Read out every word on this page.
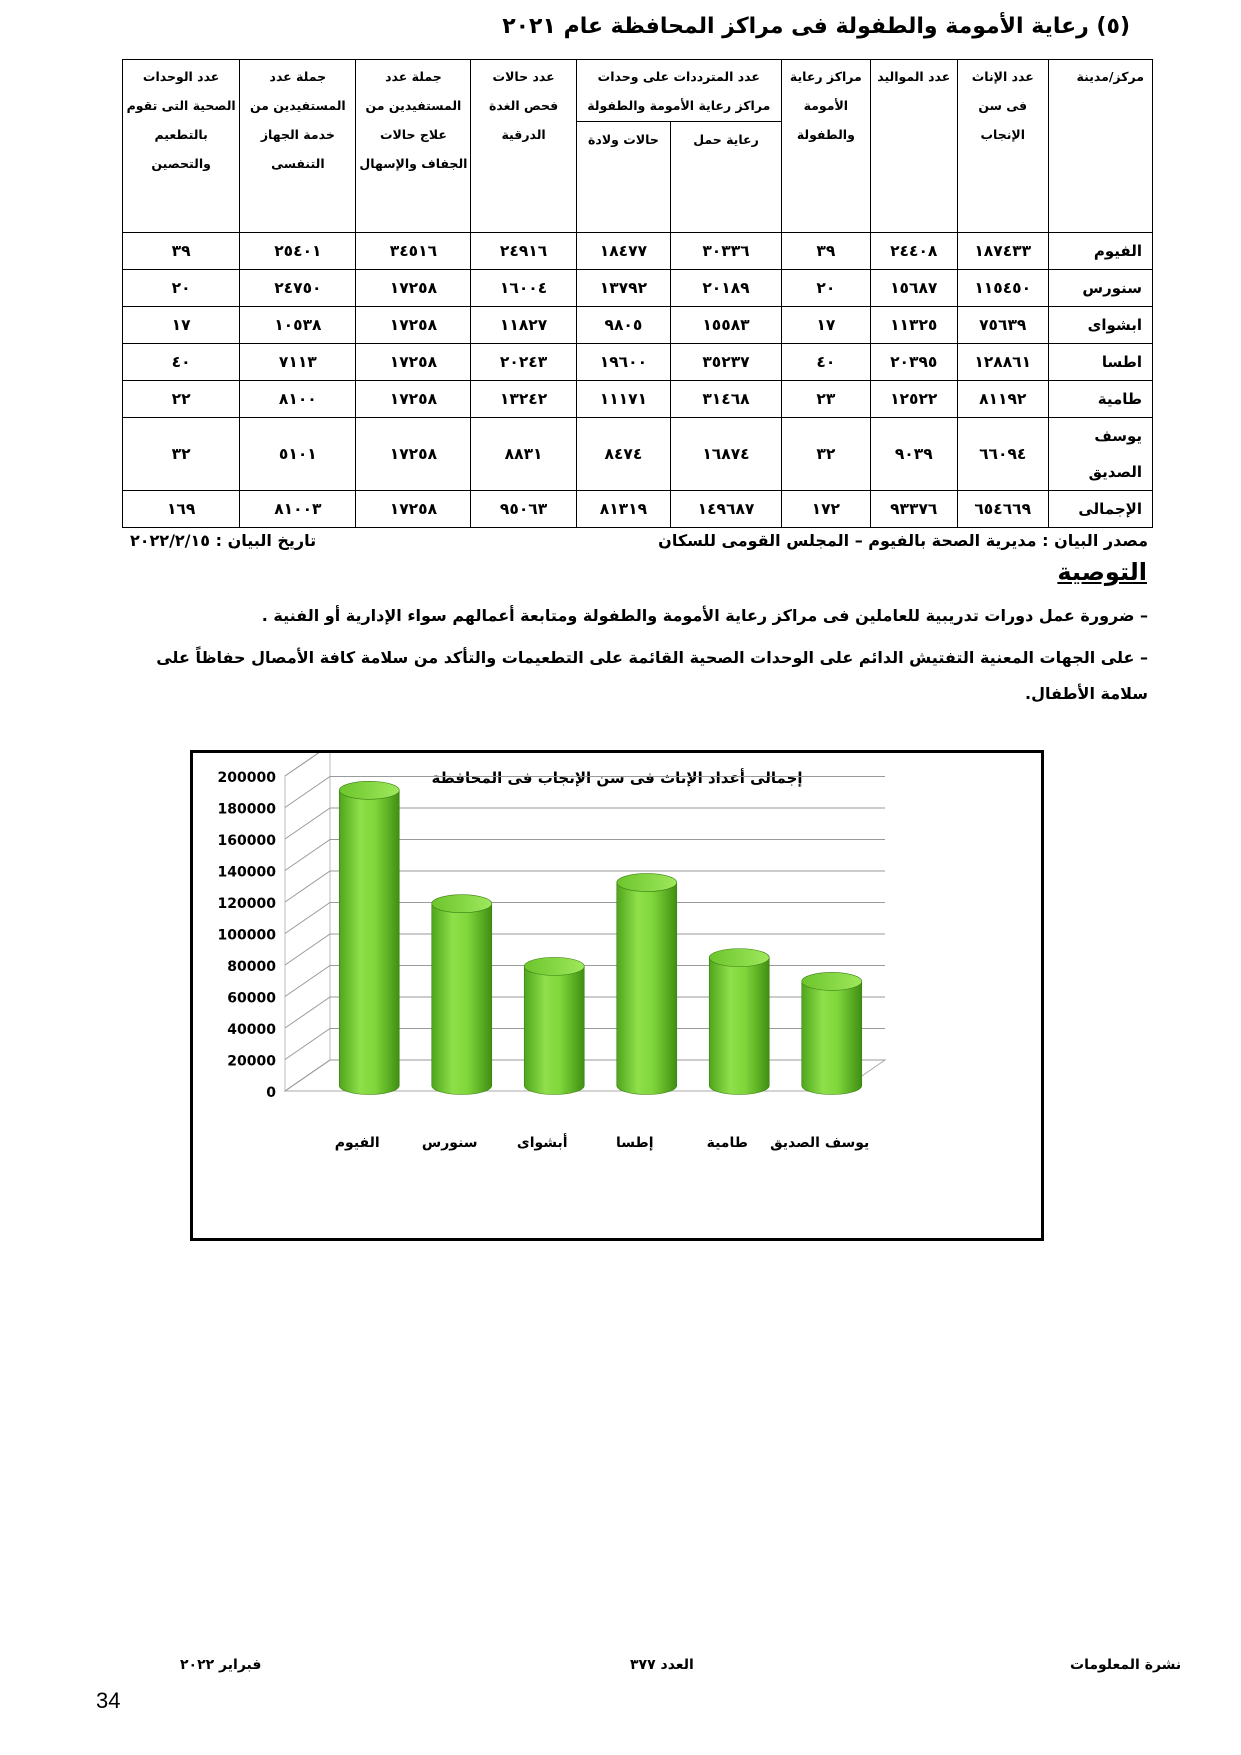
(٥) رعاية الأمومة والطفولة فى مراكز المحافظة عام ٢٠٢١
مركز/مدينة	عدد الإناث فى سن الإنجاب	عدد المواليد	مراكز رعاية الأمومة والطفولة	عدد المترددات على وحدات مراكز رعاية الأمومة والطفولة		عدد حالات فحص الغدة الدرقية	جملة عدد المستفيدين من علاج حالات الجفاف والإسهال	جملة عدد المستفيدين من خدمة الجهاز التنفسى	عدد الوحدات الصحية التى تقوم بالتطعيم والتحصين
				رعاية حمل	حالات ولادة				
الفيوم	١٨٧٤٣٣	٢٤٤٠٨	٣٩	٣٠٣٣٦	١٨٤٧٧	٢٤٩١٦	٣٤٥١٦	٢٥٤٠١	٣٩
سنورس	١١٥٤٥٠	١٥٦٨٧	٢٠	٢٠١٨٩	١٣٧٩٢	١٦٠٠٤	١٧٢٥٨	٢٤٧٥٠	٢٠
ابشواى	٧٥٦٣٩	١١٣٢٥	١٧	١٥٥٨٣	٩٨٠٥	١١٨٢٧	١٧٢٥٨	١٠٥٣٨	١٧
اطسا	١٢٨٨٦١	٢٠٣٩٥	٤٠	٣٥٢٣٧	١٩٦٠٠	٢٠٢٤٣	١٧٢٥٨	٧١١٣	٤٠
طامية	٨١١٩٢	١٢٥٢٢	٢٣	٣١٤٦٨	١١١٧١	١٣٢٤٢	١٧٢٥٨	٨١٠٠	٢٢
يوسف الصديق	٦٦٠٩٤	٩٠٣٩	٣٢	١٦٨٧٤	٨٤٧٤	٨٨٣١	١٧٢٥٨	٥١٠١	٣٢
الإجمالى	٦٥٤٦٦٩	٩٣٣٧٦	١٧٢	١٤٩٦٨٧	٨١٣١٩	٩٥٠٦٣	١٧٢٥٨	٨١٠٠٣	١٦٩
مصدر البيان : مديرية الصحة بالفيوم – المجلس القومى للسكان
تاريخ البيان : ٢٠٢٢/٢/١٥
التوصية
– ضرورة عمل دورات تدريبية للعاملين فى مراكز رعاية الأمومة والطفولة ومتابعة أعمالهم سواء الإدارية أو الفنية .
– على الجهات المعنية التفتيش الدائم على الوحدات الصحية القائمة على التطعيمات والتأكد من سلامة كافة الأمصال حفاظاً على سلامة الأطفال.
إجمالى أعداد الإناث فى سن الإنجاب فى المحافظة
0
20000
40000
60000
80000
100000
120000
140000
160000
180000
200000
الفيوم	سنورس	أبشواى	إطسا	طامية يوسف الصديق
نشرة المعلومات
العدد ٣٧٧
فبراير ٢٠٢٢
34
